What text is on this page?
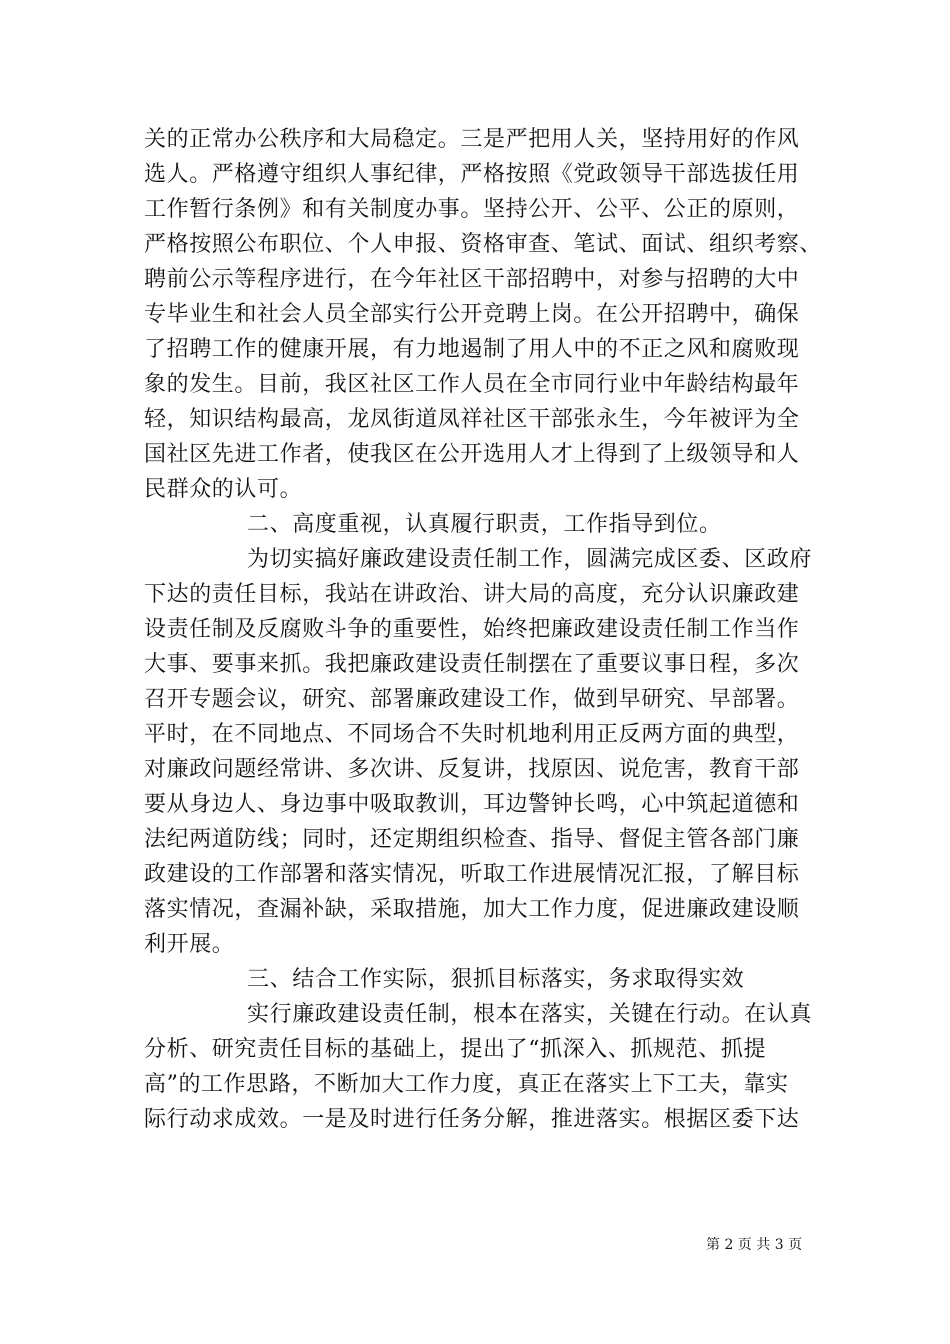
关的正常办公秩序和大局稳定。三是严把用人关，坚持用好的作风
选人。严格遵守组织人事纪律，严格按照《党政领导干部选拔任用
工作暂行条例》和有关制度办事。坚持公开、公平、公正的原则，
严格按照公布职位、个人申报、资格审查、笔试、面试、组织考察、
聘前公示等程序进行，在今年社区干部招聘中，对参与招聘的大中
专毕业生和社会人员全部实行公开竞聘上岗。在公开招聘中，确保
了招聘工作的健康开展，有力地遏制了用人中的不正之风和腐败现
象的发生。目前，我区社区工作人员在全市同行业中年龄结构最年
轻，知识结构最高，龙凤街道凤祥社区干部张永生，今年被评为全
国社区先进工作者，使我区在公开选用人才上得到了上级领导和人
民群众的认可。
二、高度重视，认真履行职责，工作指导到位。
为切实搞好廉政建设责任制工作，圆满完成区委、区政府
下达的责任目标，我站在讲政治、讲大局的高度，充分认识廉政建
设责任制及反腐败斗争的重要性，始终把廉政建设责任制工作当作
大事、要事来抓。我把廉政建设责任制摆在了重要议事日程，多次
召开专题会议，研究、部署廉政建设工作，做到早研究、早部署。
平时，在不同地点、不同场合不失时机地利用正反两方面的典型，
对廉政问题经常讲、多次讲、反复讲，找原因、说危害，教育干部
要从身边人、身边事中吸取教训，耳边警钟长鸣，心中筑起道德和
法纪两道防线；同时，还定期组织检查、指导、督促主管各部门廉
政建设的工作部署和落实情况，听取工作进展情况汇报，了解目标
落实情况，查漏补缺，采取措施，加大工作力度，促进廉政建设顺
利开展。
三、结合工作实际，狠抓目标落实，务求取得实效
实行廉政建设责任制，根本在落实，关键在行动。在认真
分析、研究责任目标的基础上，提出了“抓深入、抓规范、抓提
高”的工作思路，不断加大工作力度，真正在落实上下工夫，靠实
际行动求成效。一是及时进行任务分解，推进落实。根据区委下达
第 2 页 共 3 页
